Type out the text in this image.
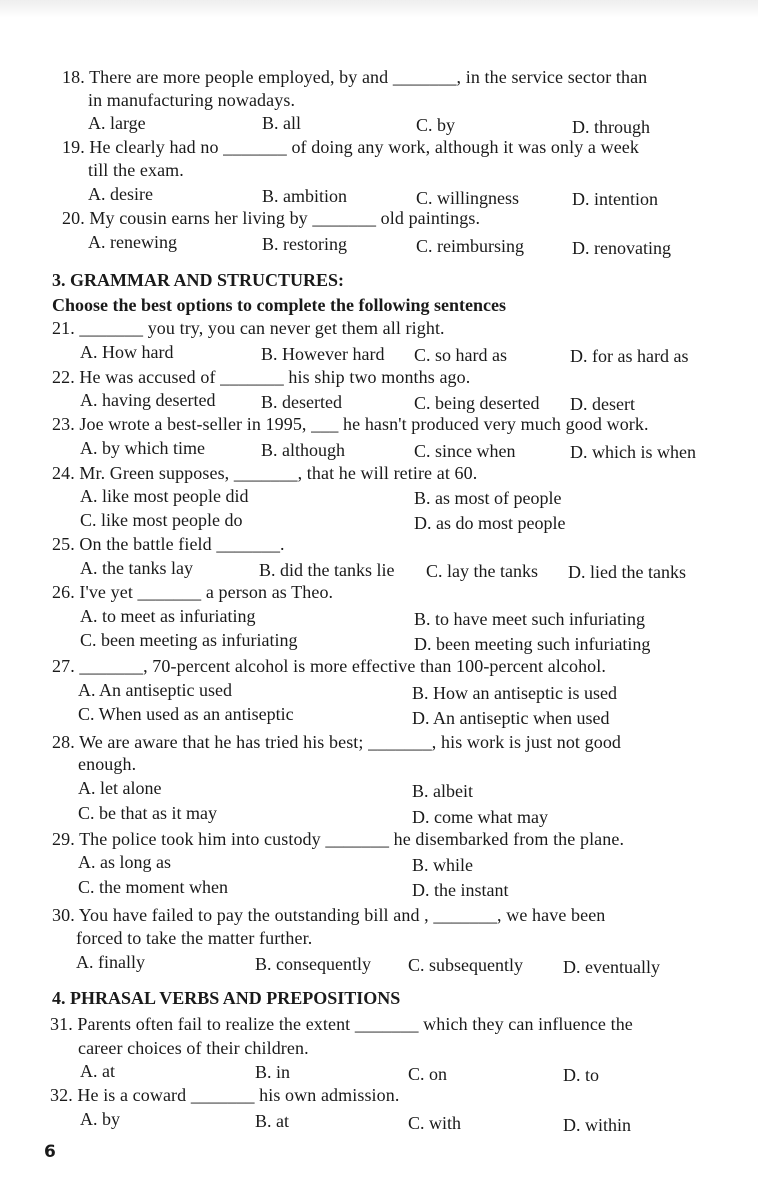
18. There are more people employed, by and _______, in the service sector than
in manufacturing nowadays.
A. large	B. all	C. by	D. through
19. He clearly had no _______ of doing any work, although it was only a week
till the exam.
A. desire	B. ambition	C. willingness	D. intention
20. My cousin earns her living by _______ old paintings.
A. renewing	B. restoring	C. reimbursing	D. renovating
3. GRAMMAR AND STRUCTURES:
Choose the best options to complete the following sentences
21. _______ you try, you can never get them all right.
A. How hard	B. However hard C. so hard as	D. for as hard as
22. He was accused of _______ his ship two months ago.
A. having deserted	B. deserted	C. being deserted D. desert
23. Joe wrote a best-seller in 1995, ___ he hasn't produced very much good work.
A. by which time	B. although	C. since when	D. which is when
24. Mr. Green supposes, _______, that he will retire at 60.
A. like most people did	B. as most of people
C. like most people do	D. as do most people
25. On the battle field _______.
A. the tanks lay	B. did the tanks lie C. lay the tanks D. lied the tanks
26. I've yet _______ a person as Theo.
A. to meet as infuriating	B. to have meet such infuriating
C. been meeting as infuriating	D. been meeting such infuriating
27. _______, 70-percent alcohol is more effective than 100-percent alcohol.
A. An antiseptic used	B. How an antiseptic is used
C. When used as an antiseptic	D. An antiseptic when used
28. We are aware that he has tried his best; _______, his work is just not good
enough.
A. let alone	B. albeit
C. be that as it may	D. come what may
29. The police took him into custody _______ he disembarked from the plane.
A. as long as	B. while
C. the moment when	D. the instant
30. You have failed to pay the outstanding bill and , _______, we have been
forced to take the matter further.
A. finally	B. consequently C. subsequently D. eventually
4. PHRASAL VERBS AND PREPOSITIONS
31. Parents often fail to realize the extent _______ which they can influence the
career choices of their children.
A. at	B. in	C. on	D. to
32. He is a coward _______ his own admission.
A. by	B. at	C. with	D. within
6
